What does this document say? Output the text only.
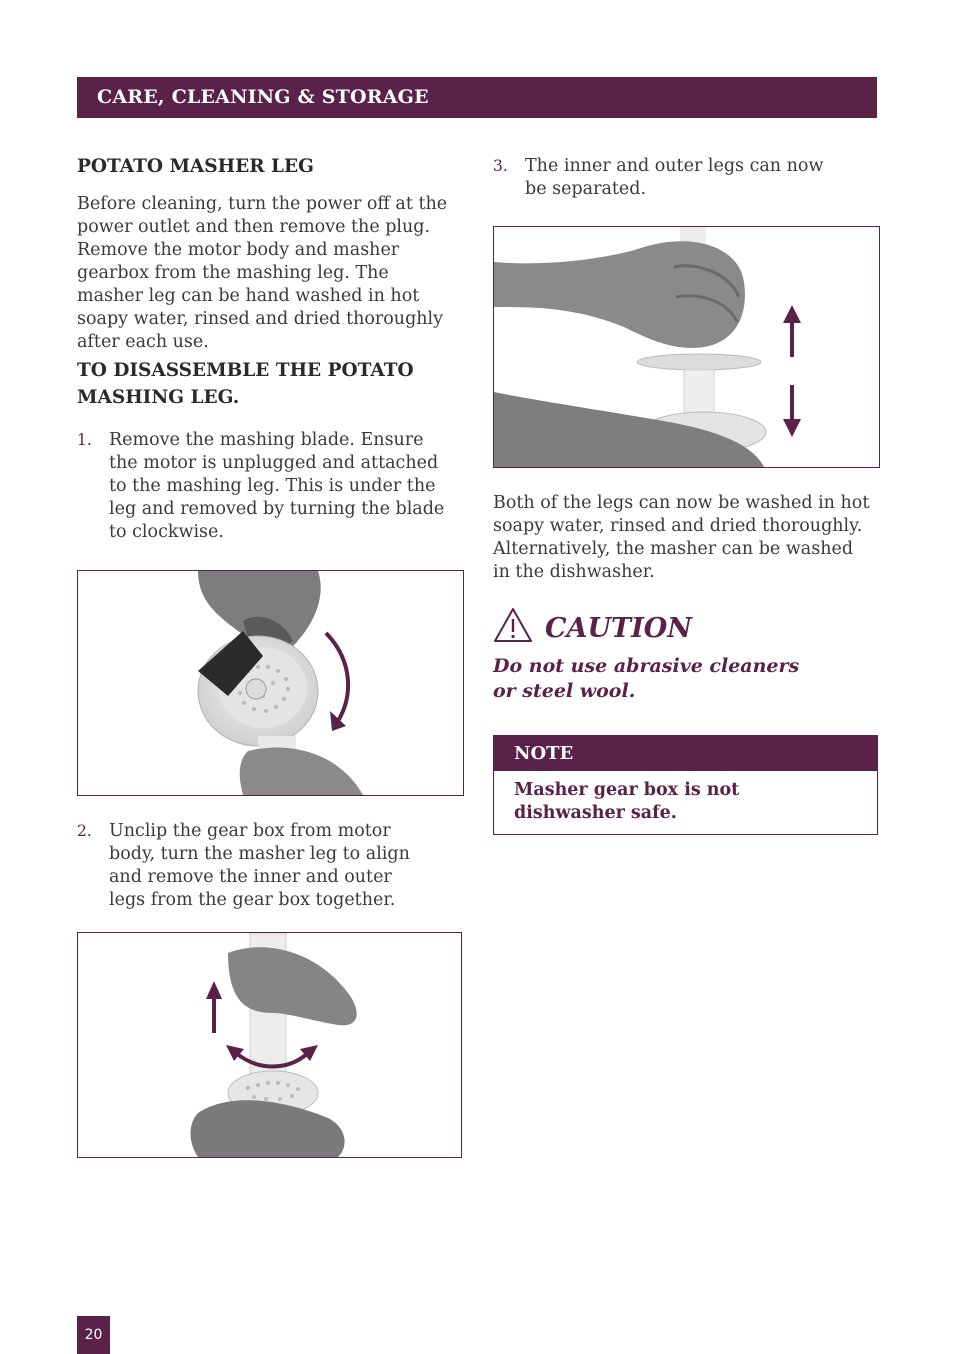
CARE, CLEANING & STORAGE
POTATO MASHER LEG
Before cleaning, turn the power off at the power outlet and then remove the plug. Remove the motor body and masher gearbox from the mashing leg. The masher leg can be hand washed in hot soapy water, rinsed and dried thoroughly after each use.
TO DISASSEMBLE THE POTATO MASHING LEG.
1. Remove the mashing blade. Ensure the motor is unplugged and attached to the mashing leg. This is under the leg and removed by turning the blade to clockwise.
2. Unclip the gear box from motor body, turn the masher leg to align and remove the inner and outer legs from the gear box together.
3. The inner and outer legs can now be separated.
Both of the legs can now be washed in hot soapy water, rinsed and dried thoroughly. Alternatively, the masher can be washed in the dishwasher.
CAUTION
Do not use abrasive cleaners or steel wool.
NOTE
Masher gear box is not dishwasher safe.
20
